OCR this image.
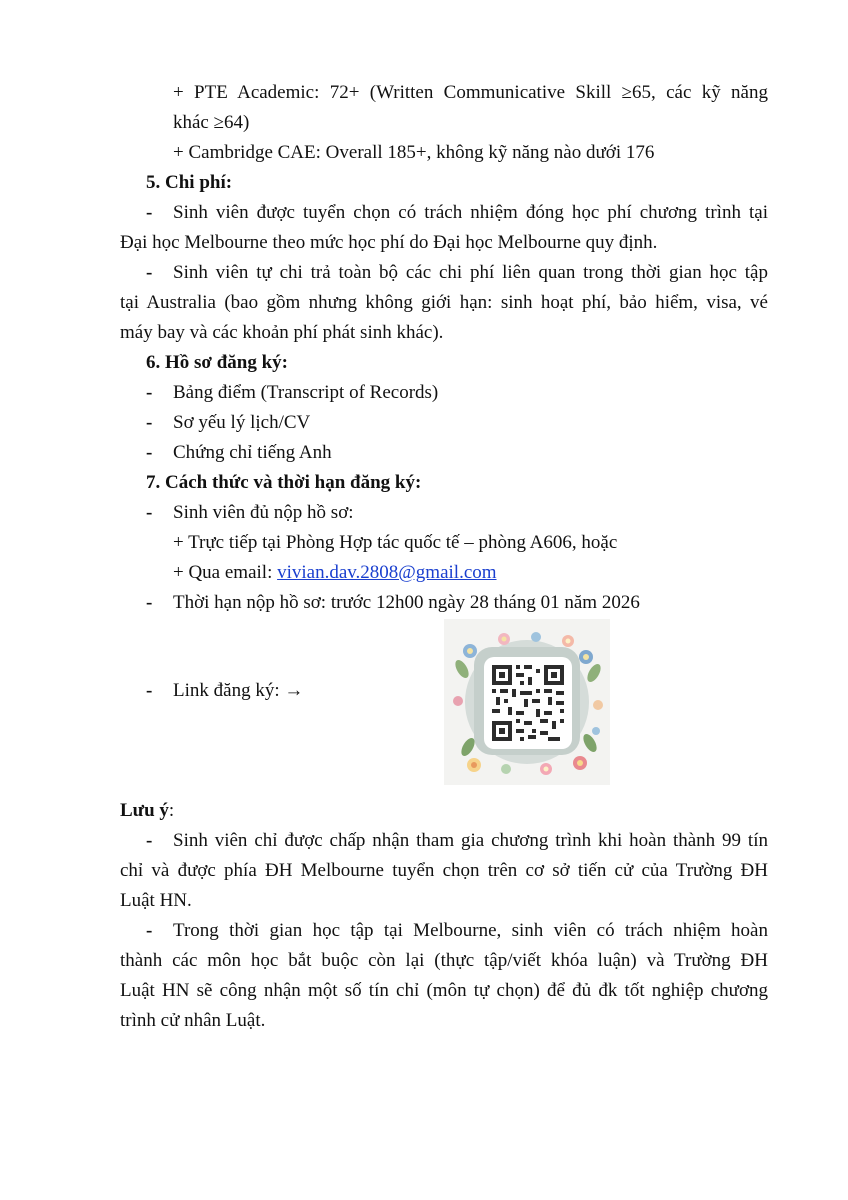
+ PTE Academic: 72+ (Written Communicative Skill ≥65, các kỹ năng
khác ≥64)
+ Cambridge CAE: Overall 185+, không kỹ năng nào dưới 176
5. Chi phí:
- Sinh viên được tuyển chọn có trách nhiệm đóng học phí chương trình tại
Đại học Melbourne theo mức học phí do Đại học Melbourne quy định.
- Sinh viên tự chi trả toàn bộ các chi phí liên quan trong thời gian học tập
tại Australia (bao gồm nhưng không giới hạn: sinh hoạt phí, bảo hiểm, visa, vé
máy bay và các khoản phí phát sinh khác).
6. Hồ sơ đăng ký:
- Bảng điểm (Transcript of Records)
- Sơ yếu lý lịch/CV
- Chứng chỉ tiếng Anh
7. Cách thức và thời hạn đăng ký:
- Sinh viên đủ nộp hồ sơ:
+ Trực tiếp tại Phòng Hợp tác quốc tế – phòng A606, hoặc
+ Qua email: vivian.dav.2808@gmail.com
- Thời hạn nộp hồ sơ: trước 12h00 ngày 28 tháng 01 năm 2026
- Link đăng ký: →
Lưu ý:
- Sinh viên chỉ được chấp nhận tham gia chương trình khi hoàn thành 99 tín
chỉ và được phía ĐH Melbourne tuyển chọn trên cơ sở tiến cử của Trường ĐH
Luật HN.
- Trong thời gian học tập tại Melbourne, sinh viên có trách nhiệm hoàn
thành các môn học bắt buộc còn lại (thực tập/viết khóa luận) và Trường ĐH
Luật HN sẽ công nhận một số tín chỉ (môn tự chọn) để đủ đk tốt nghiệp chương
trình cử nhân Luật.
